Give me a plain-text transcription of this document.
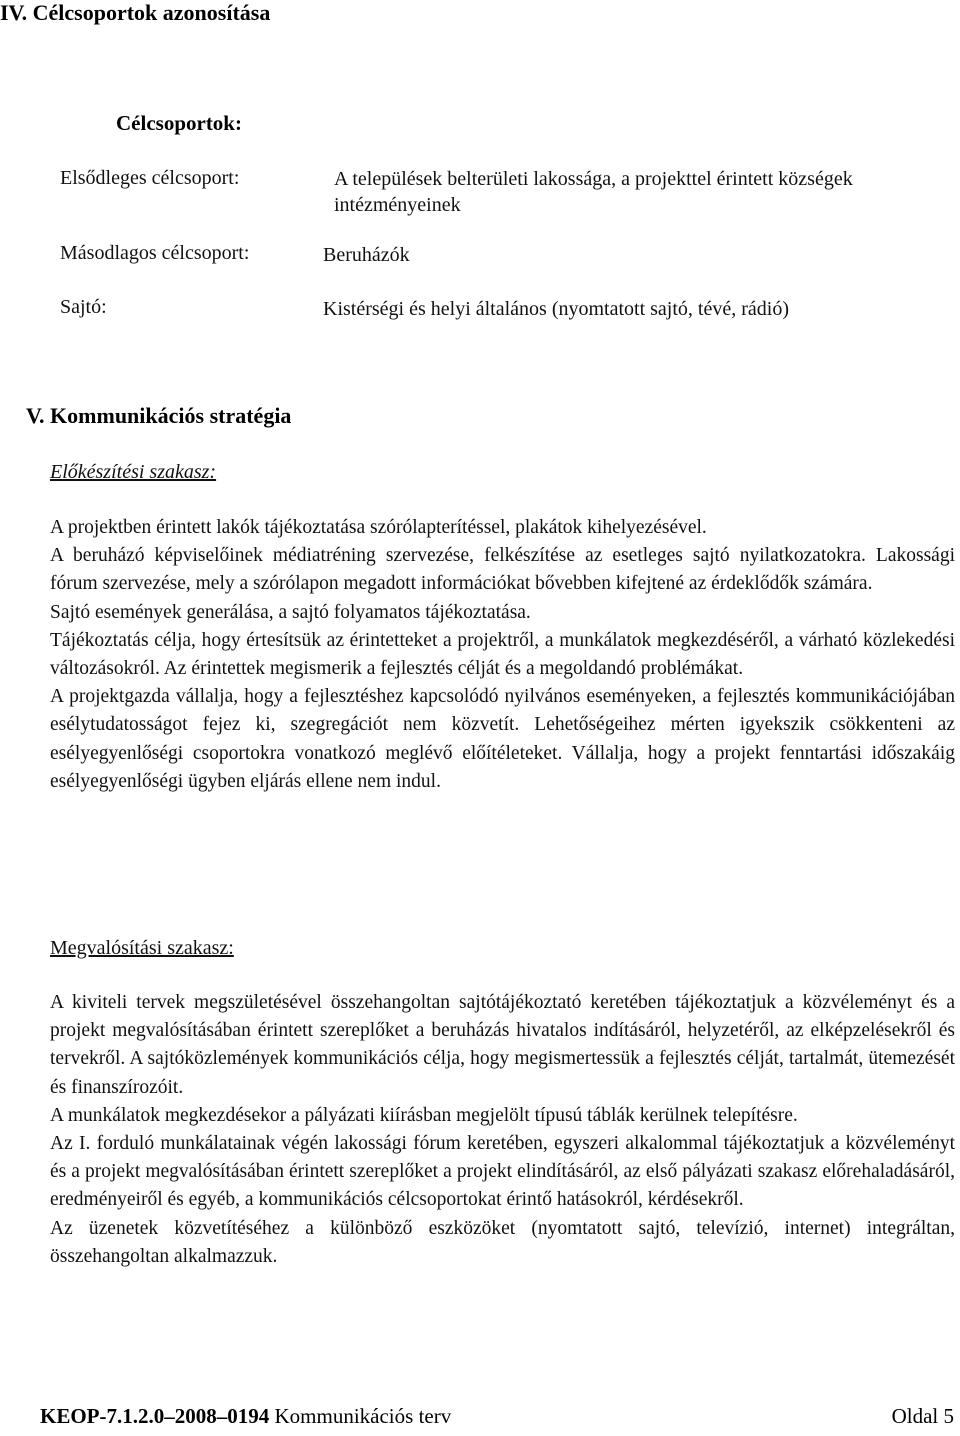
IV. Célcsoportok azonosítása
Célcsoportok:
Elsődleges célcsoport:	A települések belterületi lakossága, a projekttel érintett községek intézményeinek
Másodlagos célcsoport:	Beruházók
Sajtó:	Kistérségi és helyi általános (nyomtatott sajtó, tévé, rádió)
V. Kommunikációs stratégia
Előkészítési szakasz:

A projektben érintett lakók tájékoztatása szórólapterítéssel, plakátok kihelyezésével.

A beruházó képviselőinek médiatréning szervezése, felkészítése az esetleges sajtó nyilatkozatokra. Lakossági fórum szervezése, mely a szórólapon megadott információkat bővebben kifejtené az érdeklődők számára.

Sajtó események generálása, a sajtó folyamatos tájékoztatása.

Tájékoztatás célja, hogy értesítsük az érintetteket a projektről, a munkálatok megkezdéséről, a várható közlekedési változásokról. Az érintettek megismerik a fejlesztés célját és a megoldandó problémákat.

A projektgazda vállalja, hogy a fejlesztéshez kapcsolódó nyilvános eseményeken, a fejlesztés kommunikációjában esélytudatosságot fejez ki, szegregációt nem közvetít. Lehetőségeihez mérten igyekszik csökkenteni az esélyegyenlőségi csoportokra vonatkozó meglévő előítéleteket. Vállalja, hogy a projekt fenntartási időszakáig esélyegyenlőségi ügyben eljárás ellene nem indul.

Megvalósítási szakasz:

A kiviteli tervek megszületésével összehangoltan sajtótájékoztató keretében tájékoztatjuk a közvéleményt és a projekt megvalósításában érintett szereplőket a beruházás hivatalos indításáról, helyzetéről, az elképzelésekről és tervekről. A sajtóközlemények kommunikációs célja, hogy megismertessük a fejlesztés célját, tartalmát, ütemezését és finanszírozóit.

A munkálatok megkezdésekor a pályázati kiírásban megjelölt típusú táblák kerülnek telepítésre.

Az I. forduló munkálatainak végén lakossági fórum keretében, egyszeri alkalommal tájékoztatjuk a közvéleményt és a projekt megvalósításában érintett szereplőket a projekt elindításáról, az első pályázati szakasz előrehaladásáról, eredményeiről és egyéb, a kommunikációs célcsoportokat érintő hatásokról, kérdésekről.

Az üzenetek közvetítéséhez a különböző eszközöket (nyomtatott sajtó, televízió, internet) integráltan, összehangoltan alkalmazzuk.

KEOP-7.1.2.0–2008–0194 Kommunikációs terv	Oldal 5
